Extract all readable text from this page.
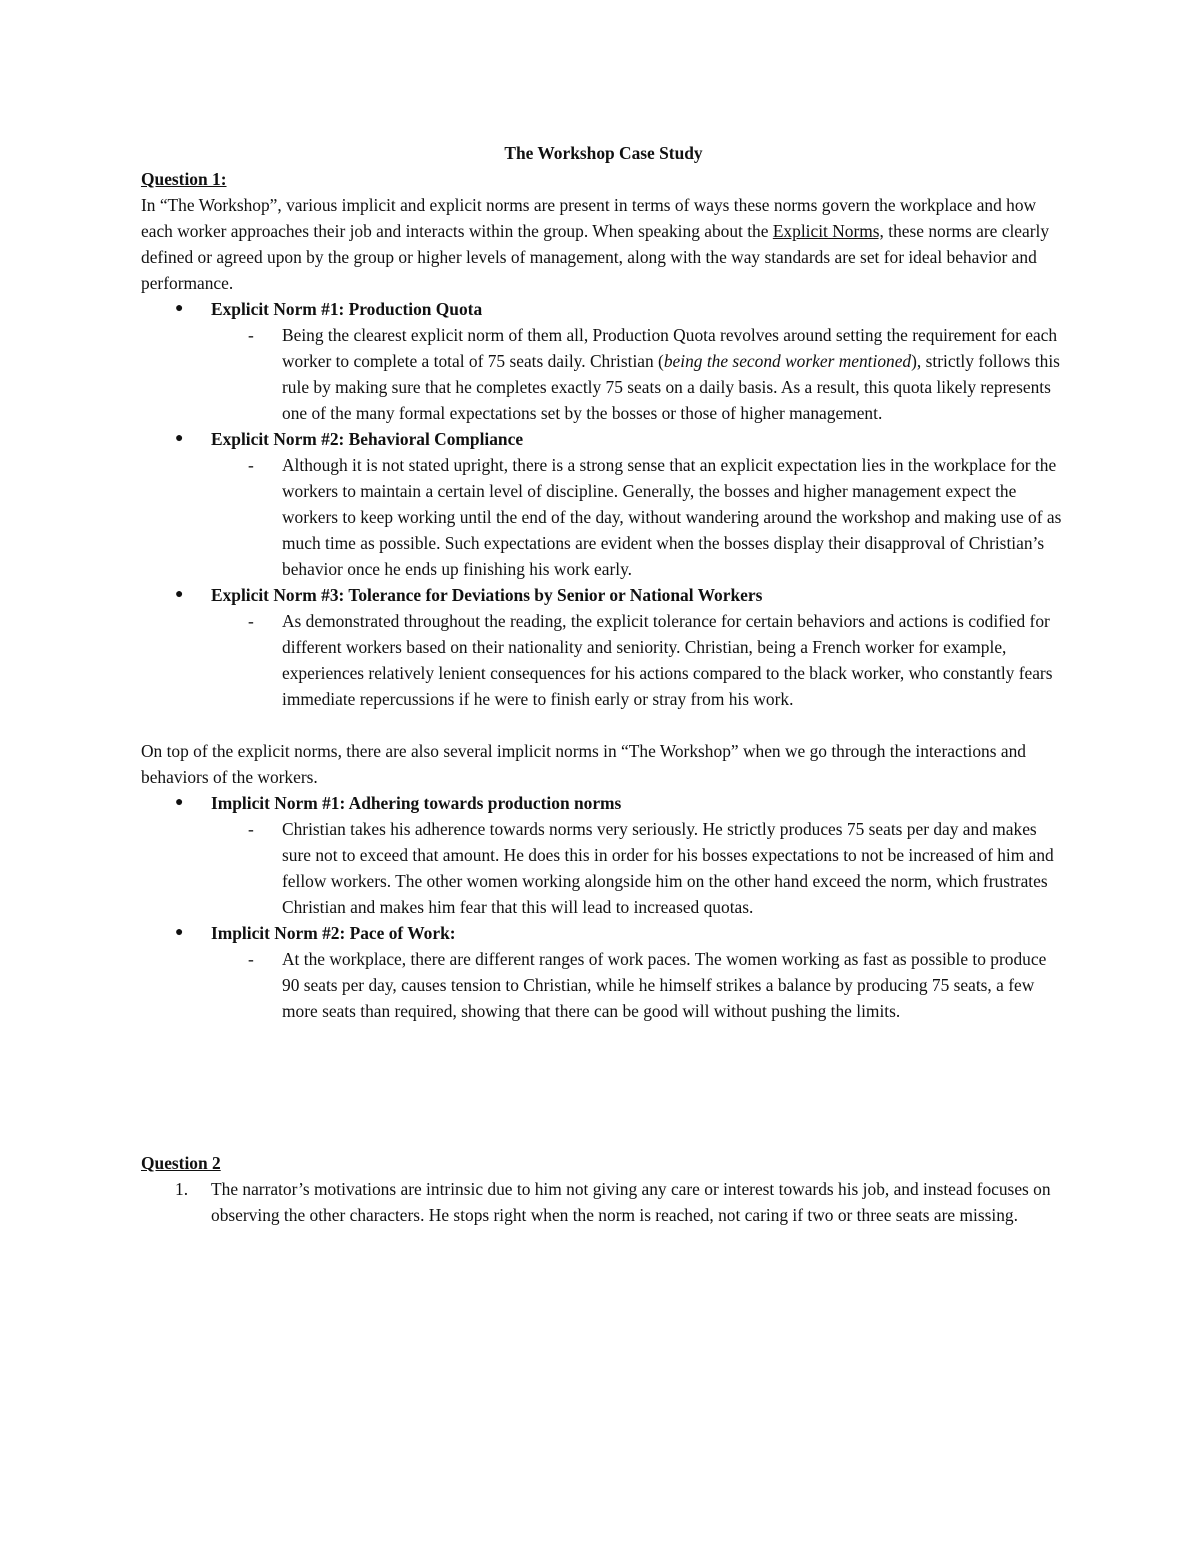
The Workshop Case Study

Question 1:

In “The Workshop”, various implicit and explicit norms are present in terms of ways these norms govern the workplace and how each worker approaches their job and interacts within the group. When speaking about the Explicit Norms, these norms are clearly defined or agreed upon by the group or higher levels of management, along with the way standards are set for ideal behavior and performance.

● Explicit Norm #1: Production Quota

- Being the clearest explicit norm of them all, Production Quota revolves around setting the requirement for each worker to complete a total of 75 seats daily. Christian (being the second worker mentioned), strictly follows this rule by making sure that he completes exactly 75 seats on a daily basis. As a result, this quota likely represents one of the many formal expectations set by the bosses or those of higher management.

● Explicit Norm #2: Behavioral Compliance

- Although it is not stated upright, there is a strong sense that an explicit expectation lies in the workplace for the workers to maintain a certain level of discipline. Generally, the bosses and higher management expect the workers to keep working until the end of the day, without wandering around the workshop and making use of as much time as possible. Such expectations are evident when the bosses display their disapproval of Christian’s behavior once he ends up finishing his work early.

● Explicit Norm #3: Tolerance for Deviations by Senior or National Workers

- As demonstrated throughout the reading, the explicit tolerance for certain behaviors and actions is codified for different workers based on their nationality and seniority. Christian, being a French worker for example, experiences relatively lenient consequences for his actions compared to the black worker, who constantly fears immediate repercussions if he were to finish early or stray from his work.

On top of the explicit norms, there are also several implicit norms in “The Workshop” when we go through the interactions and behaviors of the workers.

● Implicit Norm #1: Adhering towards production norms

- Christian takes his adherence towards norms very seriously. He strictly produces 75 seats per day and makes sure not to exceed that amount. He does this in order for his bosses expectations to not be increased of him and fellow workers. The other women working alongside him on the other hand exceed the norm, which frustrates Christian and makes him fear that this will lead to increased quotas.

● Implicit Norm #2: Pace of Work:

- At the workplace, there are different ranges of work paces. The women working as fast as possible to produce 90 seats per day, causes tension to Christian, while he himself strikes a balance by producing 75 seats, a few more seats than required, showing that there can be good will without pushing the limits.

Question 2

1. The narrator’s motivations are intrinsic due to him not giving any care or interest towards his job, and instead focuses on observing the other characters. He stops right when the norm is reached, not caring if two or three seats are missing.
